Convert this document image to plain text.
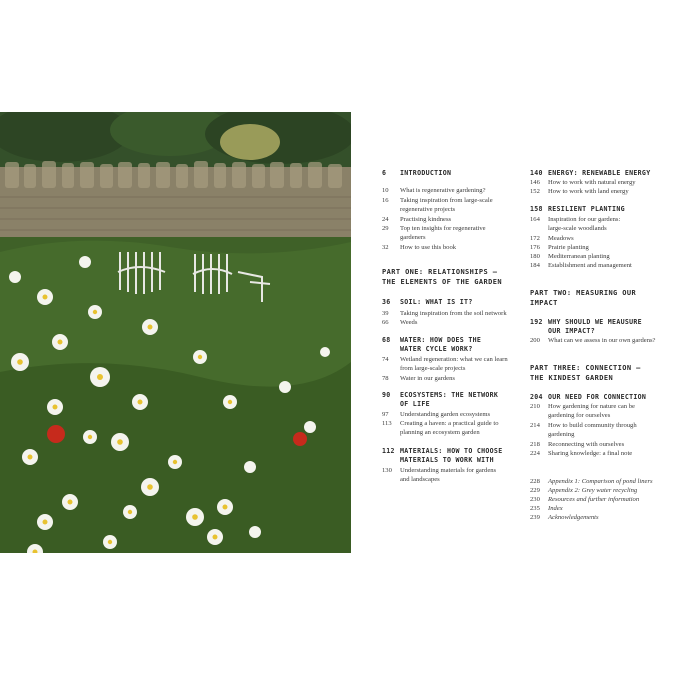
6	INTRODUCTION
10	What is regenerative gardening?
16	Taking inspiration from large-scale
regenerative projects
24	Practising kindness
29	Top ten insights for regenerative
gardeners
32	How to use this book
PART ONE: RELATIONSHIPS –
THE ELEMENTS OF THE GARDEN
36	SOIL: WHAT IS IT?
39	Taking inspiration from the soil network
66	Weeds
68	WATER: HOW DOES THE
WATER CYCLE WORK?
74	Wetland regeneration: what we can learn
from large-scale projects
78	Water in our gardens
90	ECOSYSTEMS: THE NETWORK
OF LIFE
97	Understanding garden ecosystems
113	Creating a haven: a practical guide to
planning an ecosystem garden
112 MATERIALS: HOW TO CHOOSE
MATERIALS TO WORK WITH
130	Understanding materials for gardens
and landscapes
140 ENERGY: RENEWABLE ENERGY
146	How to work with natural energy
152	How to work with land energy
158 RESILIENT PLANTING
164	Inspiration for our gardens:
large-scale woodlands
172	Meadows
176	Prairie planting
180	Mediterranean planting
184	Establishment and management
PART TWO: MEASURING OUR
IMPACT
192 WHY SHOULD WE MEAUSURE
OUR IMPACT?
200	What can we assess in our own gardens?
PART THREE: CONNECTION –
THE KINDEST GARDEN
204 OUR NEED FOR CONNECTION
210	How gardening for nature can be
gardening for ourselves
214	How to build community through
gardening
218	Reconnecting with ourselves
224	Sharing knowledge: a final note
228	Appendix 1: Comparison of pond liners
229	Appendix 2: Grey water recycling
230	Resources and further information
235	Index
239	Acknowledgements
